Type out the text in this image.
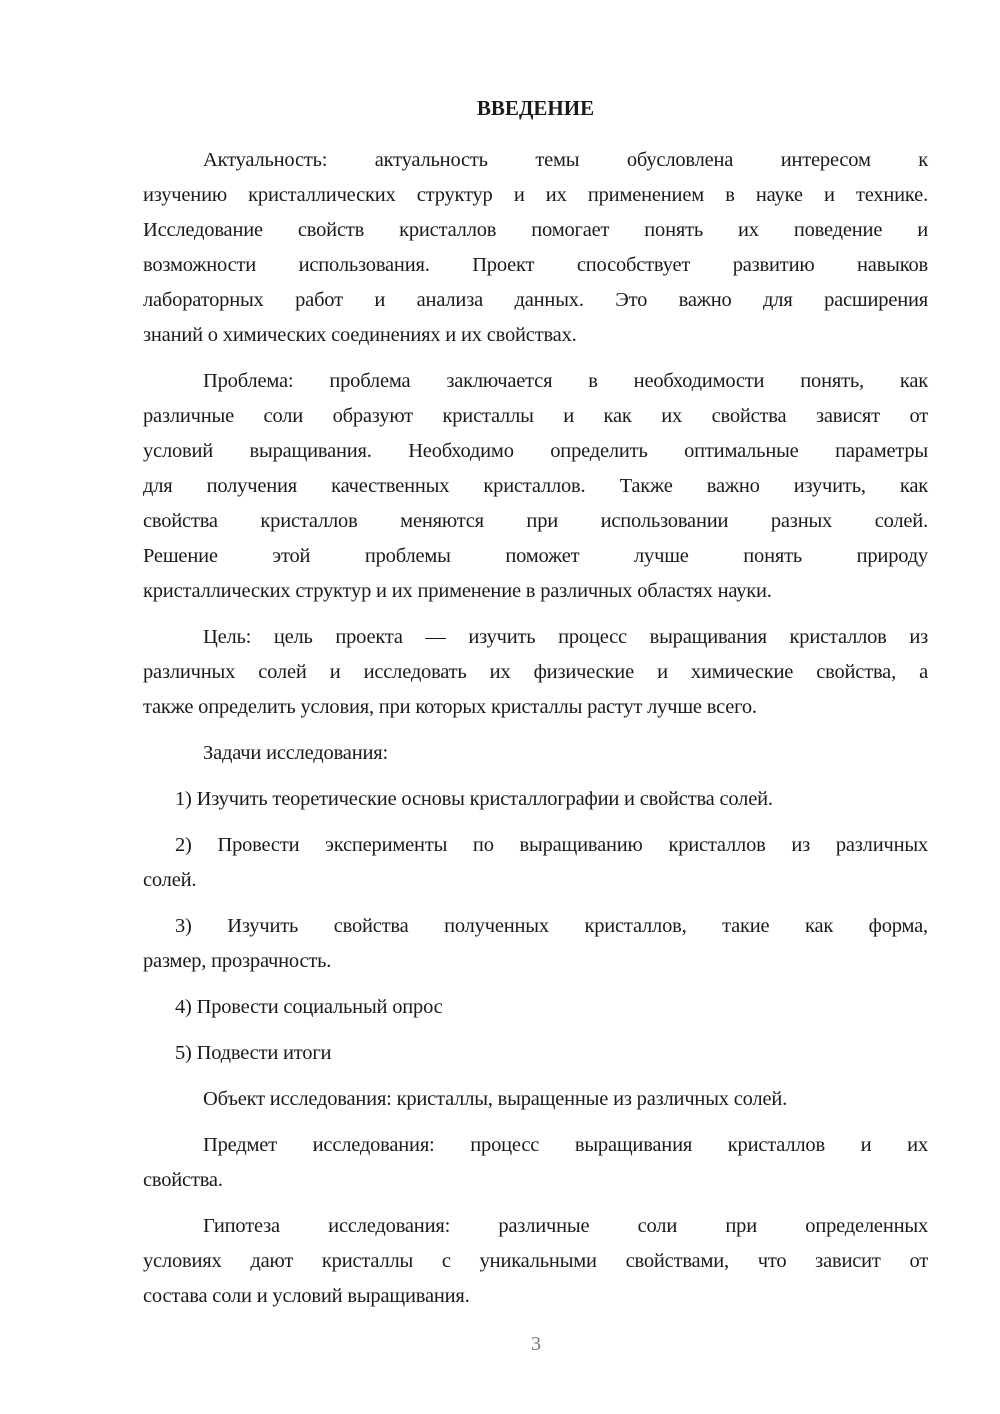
ВВЕДЕНИЕ
Актуальность: актуальность темы обусловлена интересом к
изучению кристаллических структур и их применением в науке и технике.
Исследование свойств кристаллов помогает понять их поведение и
возможности использования. Проект способствует развитию навыков
лабораторных работ и анализа данных. Это важно для расширения
знаний о химических соединениях и их свойствах.
Проблема: проблема заключается в необходимости понять, как
различные соли образуют кристаллы и как их свойства зависят от
условий выращивания. Необходимо определить оптимальные параметры
для получения качественных кристаллов. Также важно изучить, как
свойства кристаллов меняются при использовании разных солей.
Решение этой проблемы поможет лучше понять природу
кристаллических структур и их применение в различных областях науки.
Цель: цель проекта — изучить процесс выращивания кристаллов из
различных солей и исследовать их физические и химические свойства, а
также определить условия, при которых кристаллы растут лучше всего.
Задачи исследования:
1) Изучить теоретические основы кристаллографии и свойства солей.
2) Провести эксперименты по выращиванию кристаллов из различных
солей.
3) Изучить свойства полученных кристаллов, такие как форма,
размер, прозрачность.
4) Провести социальный опрос
5) Подвести итоги
Объект исследования: кристаллы, выращенные из различных солей.
Предмет исследования: процесс выращивания кристаллов и их
свойства.
Гипотеза исследования: различные соли при определенных
условиях дают кристаллы с уникальными свойствами, что зависит от
состава соли и условий выращивания.
3
